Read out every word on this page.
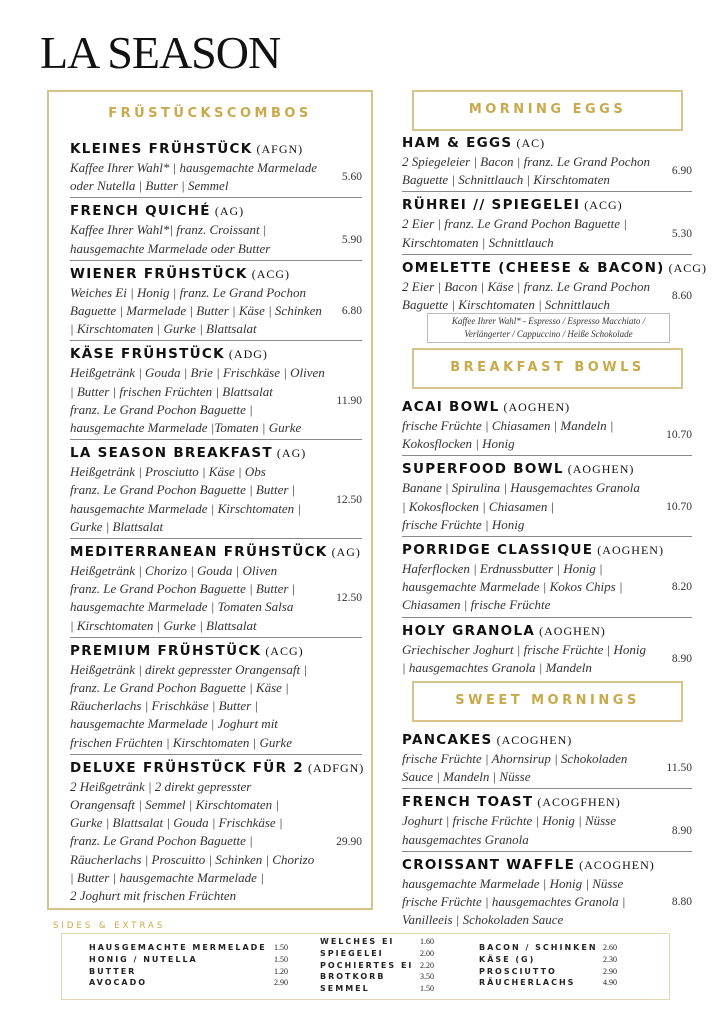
LA SEASON
FRÜSTÜCKSCOMBOS
KLEINES FRÜHSTÜCK (AFGN)
Kaffee Ihrer Wahl* | hausgemachte Marmelade
oder Nutella | Butter | Semmel
5.60
FRENCH QUICHÉ (AG)
Kaffee Ihrer Wahl*| franz. Croissant |
hausgemachte Marmelade oder Butter
5.90
WIENER FRÜHSTÜCK (ACG)
Weiches Ei | Honig | franz. Le Grand Pochon
Baguette | Marmelade | Butter | Käse | Schinken
| Kirschtomaten | Gurke | Blattsalat
6.80
KÄSE FRÜHSTÜCK (ADG)
Heißgetränk | Gouda | Brie | Frischkäse | Oliven
| Butter | frischen Früchten | Blattsalat
franz. Le Grand Pochon Baguette |
hausgemachte Marmelade |Tomaten | Gurke
11.90
LA SEASON BREAKFAST (AG)
Heißgetränk | Prosciutto | Käse | Obs
franz. Le Grand Pochon Baguette | Butter |
hausgemachte Marmelade | Kirschtomaten |
Gurke | Blattsalat
12.50
MEDITERRANEAN FRÜHSTÜCK (AG)
Heißgetränk | Chorizo | Gouda | Oliven
franz. Le Grand Pochon Baguette | Butter |
hausgemachte Marmelade | Tomaten Salsa
| Kirschtomaten | Gurke | Blattsalat
12.50
PREMIUM FRÜHSTÜCK (ACG)
Heißgetränk | direkt gepresster Orangensaft |
franz. Le Grand Pochon Baguette | Käse |
Räucherlachs | Frischkäse | Butter |
hausgemachte Marmelade | Joghurt mit
frischen Früchten | Kirschtomaten | Gurke
DELUXE FRÜHSTÜCK FÜR 2 (ADFGN)
2 Heißgetränk | 2 direkt gepresster
Orangensaft | Semmel | Kirschtomaten |
Gurke | Blattsalat | Gouda | Frischkäse |
franz. Le Grand Pochon Baguette |
Räucherlachs | Proscuitto | Schinken | Chorizo
| Butter | hausgemachte Marmelade |
2 Joghurt mit frischen Früchten
29.90
MORNING EGGS
HAM & EGGS (AC)
2 Spiegeleier | Bacon | franz. Le Grand Pochon
Baguette | Schnittlauch | Kirschtomaten
6.90
RÜHREI // SPIEGELEI (ACG)
2 Eier | franz. Le Grand Pochon Baguette |
Kirschtomaten | Schnittlauch
5.30
OMELETTE (CHEESE & BACON) (ACG)
2 Eier | Bacon | Käse | franz. Le Grand Pochon
Baguette | Kirschtomaten | Schnittlauch
8.60
Kaffee Ihrer Wahl* - Espresso / Espresso Macchiato /
Verlängerter / Cappuccino / Heiße Schokolade
BREAKFAST BOWLS
ACAI BOWL (AOGHEN)
frische Früchte | Chiasamen | Mandeln |
Kokosflocken | Honig
10.70
SUPERFOOD BOWL (AOGHEN)
Banane | Spirulina | Hausgemachtes Granola
| Kokosflocken | Chiasamen |
frische Früchte | Honig
10.70
PORRIDGE CLASSIQUE (AOGHEN)
Haferflocken | Erdnussbutter | Honig |
hausgemachte Marmelade | Kokos Chips |
Chiasamen | frische Früchte
8.20
HOLY GRANOLA (AOGHEN)
Griechischer Joghurt | frische Früchte | Honig
| hausgemachtes Granola | Mandeln
8.90
SWEET MORNINGS
PANCAKES (ACOGHEN)
frische Früchte | Ahornsirup | Schokoladen
Sauce | Mandeln | Nüsse
11.50
FRENCH TOAST (ACOGFHEN)
Joghurt | frische Früchte | Honig | Nüsse
hausgemachtes Granola
8.90
CROISSANT WAFFLE (ACOGHEN)
hausgemachte Marmelade | Honig | Nüsse
frische Früchte | hausgemachtes Granola |
Vanilleeis | Schokoladen Sauce
8.80
SIDES & EXTRAS
HAUSGEMACHTE MERMELADE 1.50
HONIG / NUTELLA	1.50
BUTTER	1.20
AVOCADO	2.90
WELCHES EI	1.60
SPIEGELEI	2.00
POCHIERTES EI 2.20
BROTKORB	3.50
SEMMEL	1.50
BACON / SCHINKEN 2.60
KÄSE (G)	2.30
PROSCIUTTO	2.90
RÄUCHERLACHS	4.90
